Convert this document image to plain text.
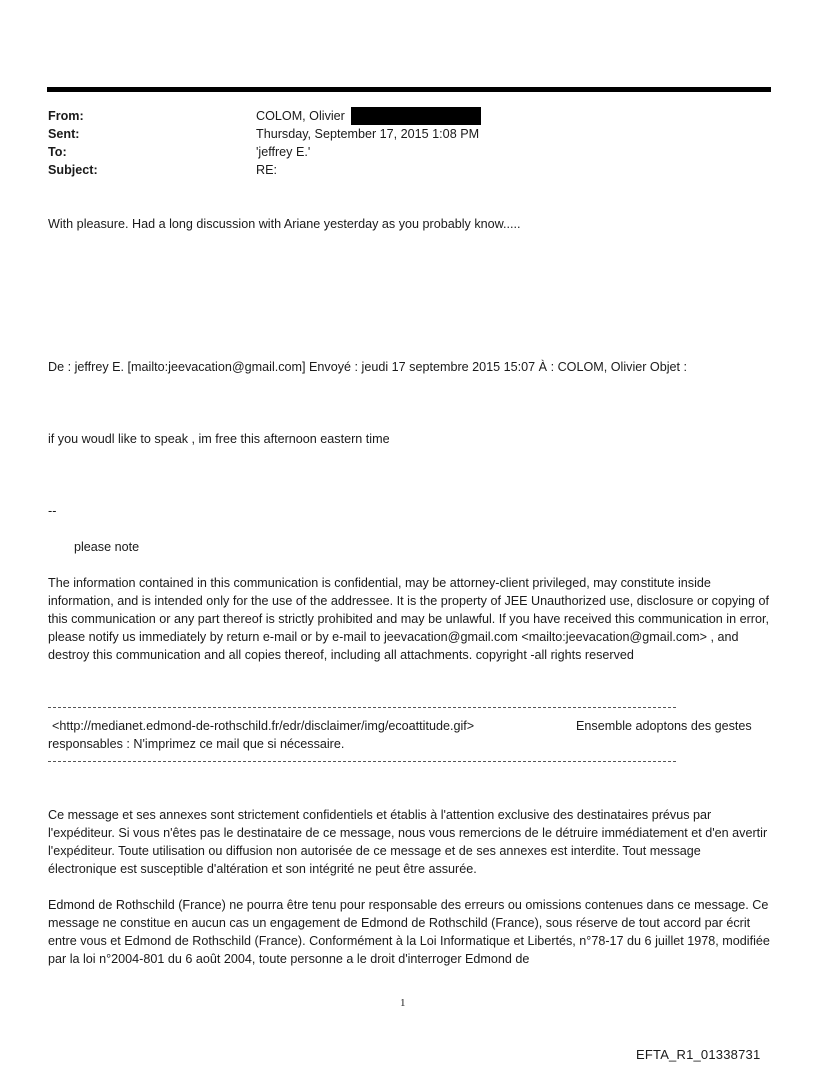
From:	COLOM, Olivier
Sent:	Thursday, September 17, 2015 1:08 PM
To:	'jeffrey E.'
Subject:	RE:
With pleasure. Had a long discussion with Ariane yesterday as you probably know.....
De : jeffrey E. [mailto:jeevacation@gmail.com] Envoyé : jeudi 17 septembre 2015 15:07 À : COLOM, Olivier Objet :
if you woudl like to speak , im free this afternoon eastern time
--
please note
The information contained in this communication is confidential, may be attorney-client privileged, may constitute inside information, and is intended only for the use of the addressee. It is the property of JEE Unauthorized use, disclosure or copying of this communication or any part thereof is strictly prohibited and may be unlawful. If you have received this communication in error, please notify us immediately by return e-mail or by e-mail to jeevacation@gmail.com <mailto:jeevacation@gmail.com> , and destroy this communication and all copies thereof, including all attachments. copyright -all rights reserved
<http://medianet.edmond-de-rothschild.fr/edr/disclaimer/img/ecoattitude.gif>	Ensemble adoptons des gestes
responsables : N'imprimez ce mail que si nécessaire.
Ce message et ses annexes sont strictement confidentiels et établis à l'attention exclusive des destinataires prévus par l'expéditeur. Si vous n'êtes pas le destinataire de ce message, nous vous remercions de le détruire immédiatement et d'en avertir l'expéditeur. Toute utilisation ou diffusion non autorisée de ce message et de ses annexes est interdite. Tout message électronique est susceptible d'altération et son intégrité ne peut être assurée.
Edmond de Rothschild (France) ne pourra être tenu pour responsable des erreurs ou omissions contenues dans ce message. Ce message ne constitue en aucun cas un engagement de Edmond de Rothschild (France), sous réserve de tout accord par écrit entre vous et Edmond de Rothschild (France). Conformément à la Loi Informatique et Libertés, n°78-17 du 6 juillet 1978, modifiée par la loi n°2004-801 du 6 août 2004, toute personne a le droit d'interroger Edmond de
1
EFTA_R1_01338731
